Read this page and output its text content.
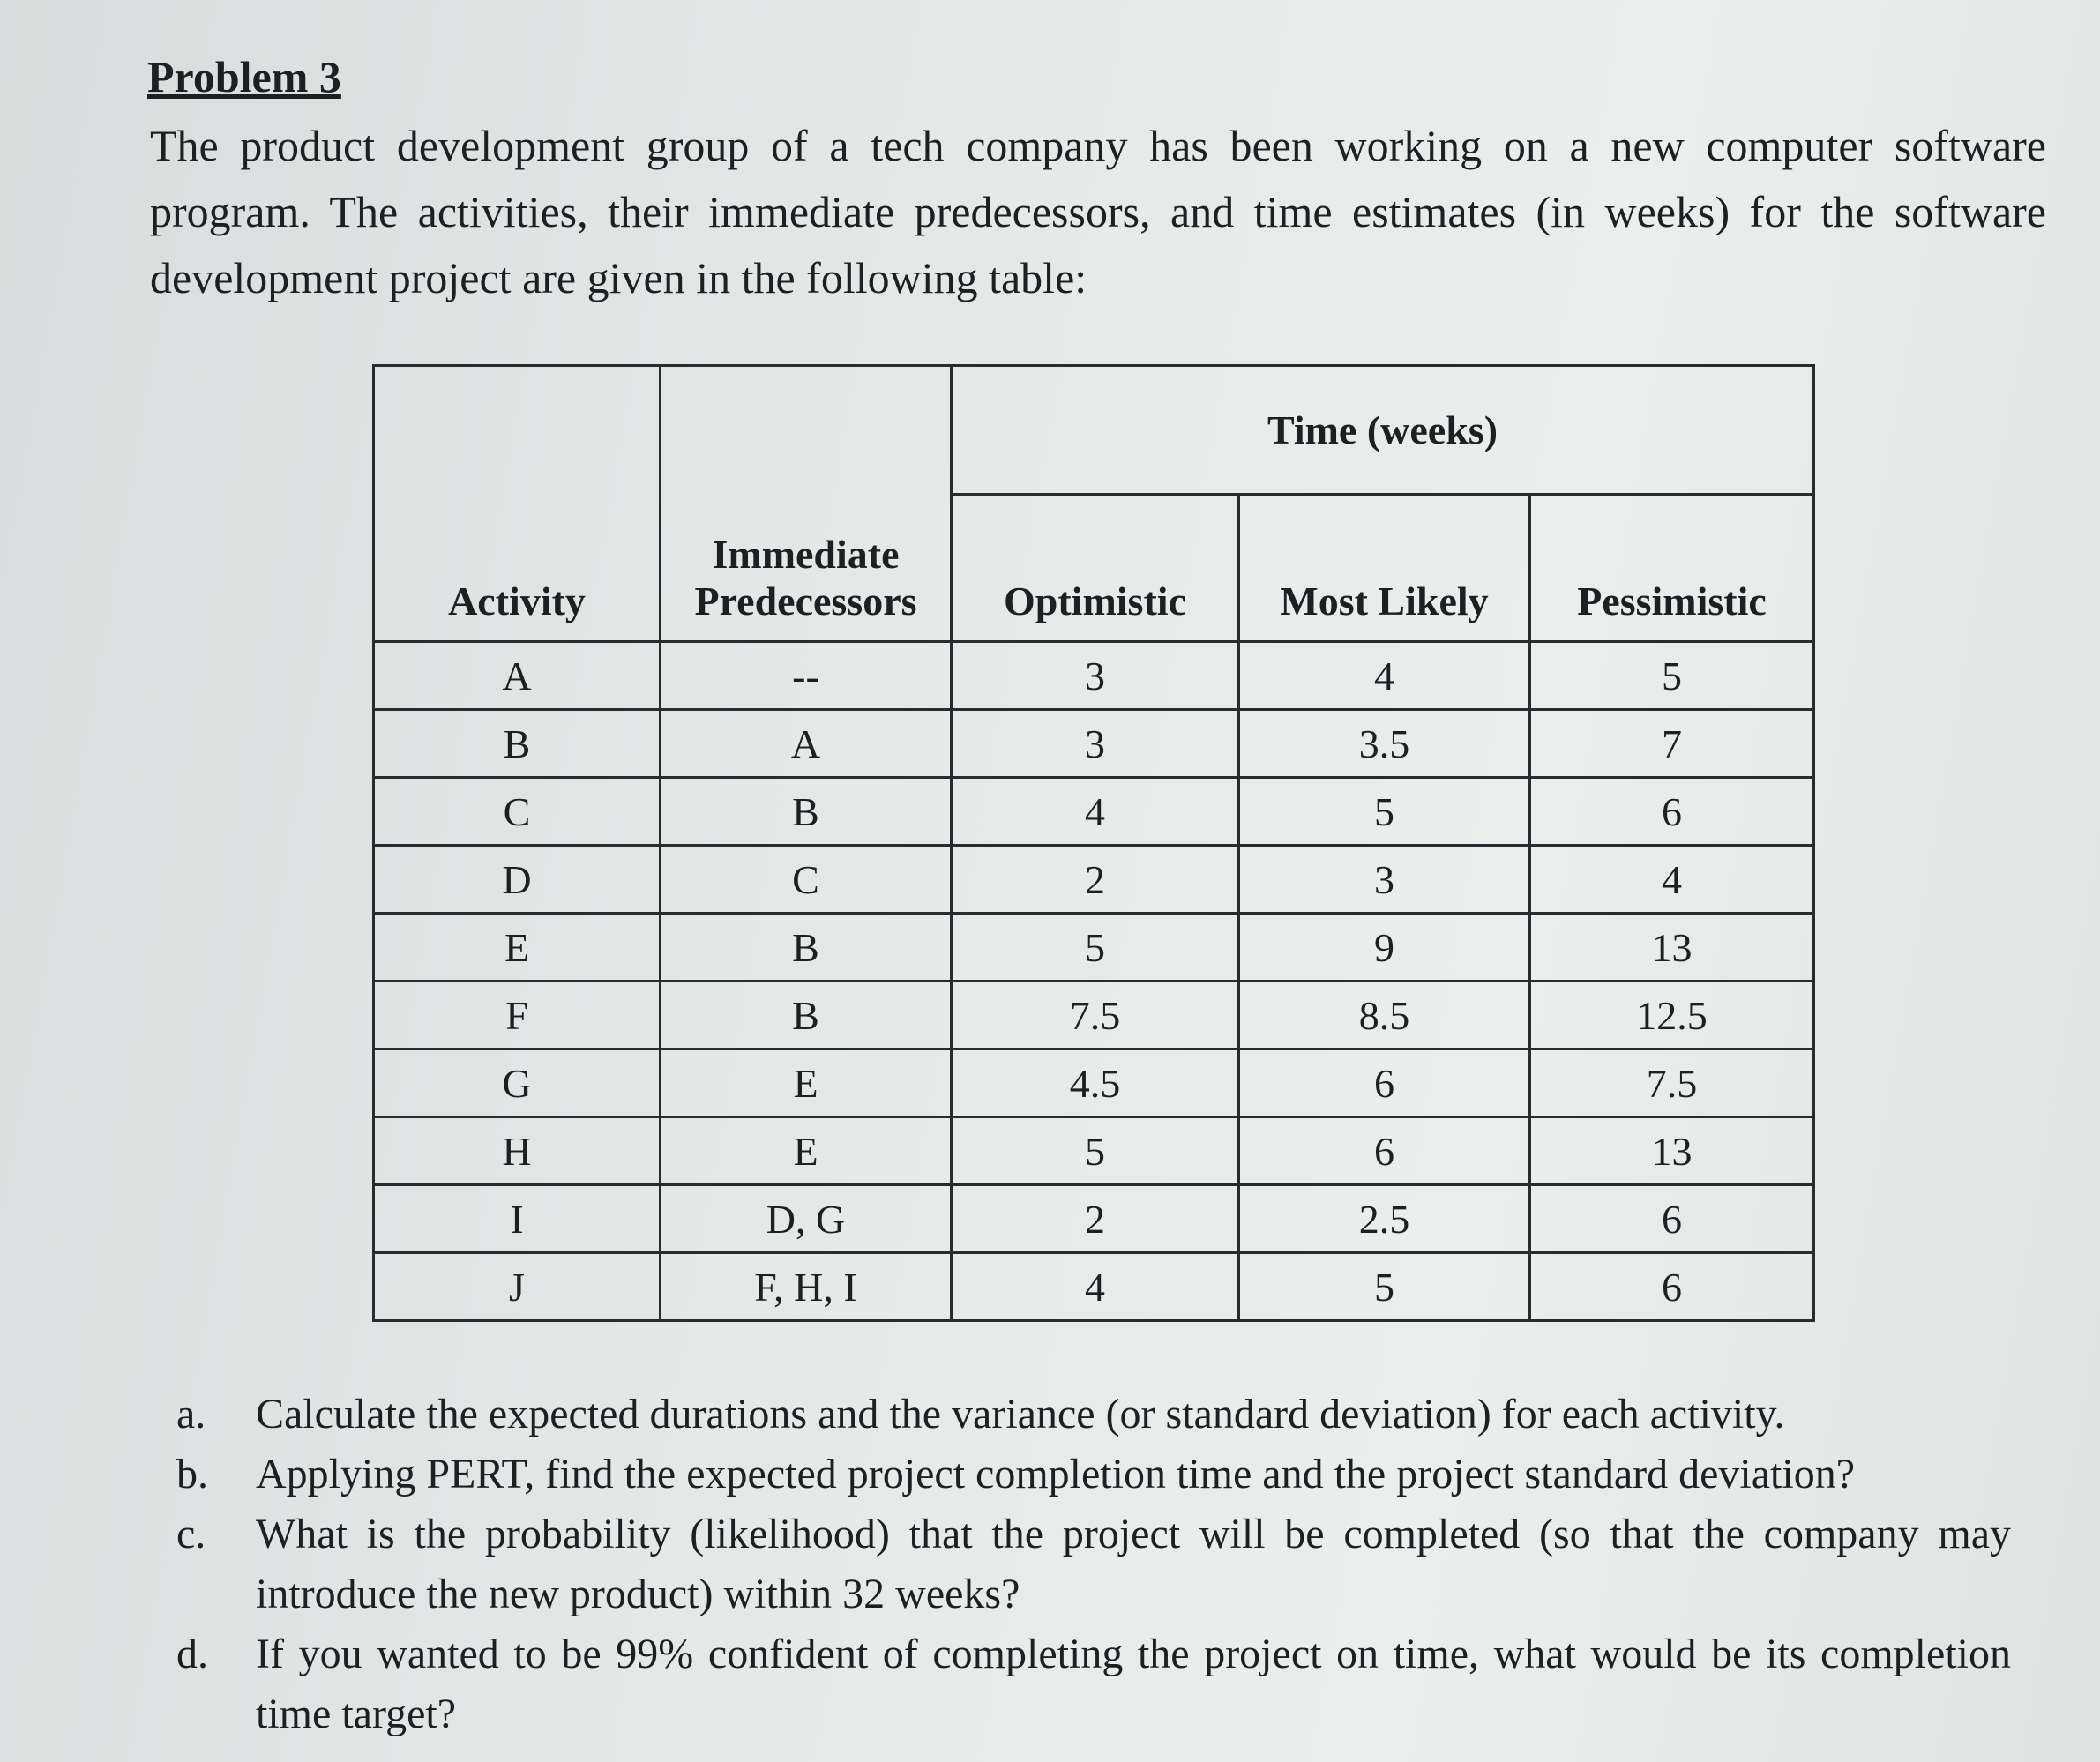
Problem 3
The product development group of a tech company has been working on a new computer software program. The activities, their immediate predecessors, and time estimates (in weeks) for the software development project are given in the following table:
Activity	Immediate Predecessors	Time (weeks)		
		Optimistic	Most Likely	Pessimistic
A	--	3	4	5
B	A	3	3.5	7
C	B	4	5	6
D	C	2	3	4
E	B	5	9	13
F	B	7.5	8.5	12.5
G	E	4.5	6	7.5
H	E	5	6	13
I	D, G	2	2.5	6
J	F, H, I	4	5	6
a.	Calculate the expected durations and the variance (or standard deviation) for each activity.
b.	Applying PERT, find the expected project completion time and the project standard deviation?
c.	What is the probability (likelihood) that the project will be completed (so that the company may introduce the new product) within 32 weeks?
d.	If you wanted to be 99% confident of completing the project on time, what would be its completion time target?
